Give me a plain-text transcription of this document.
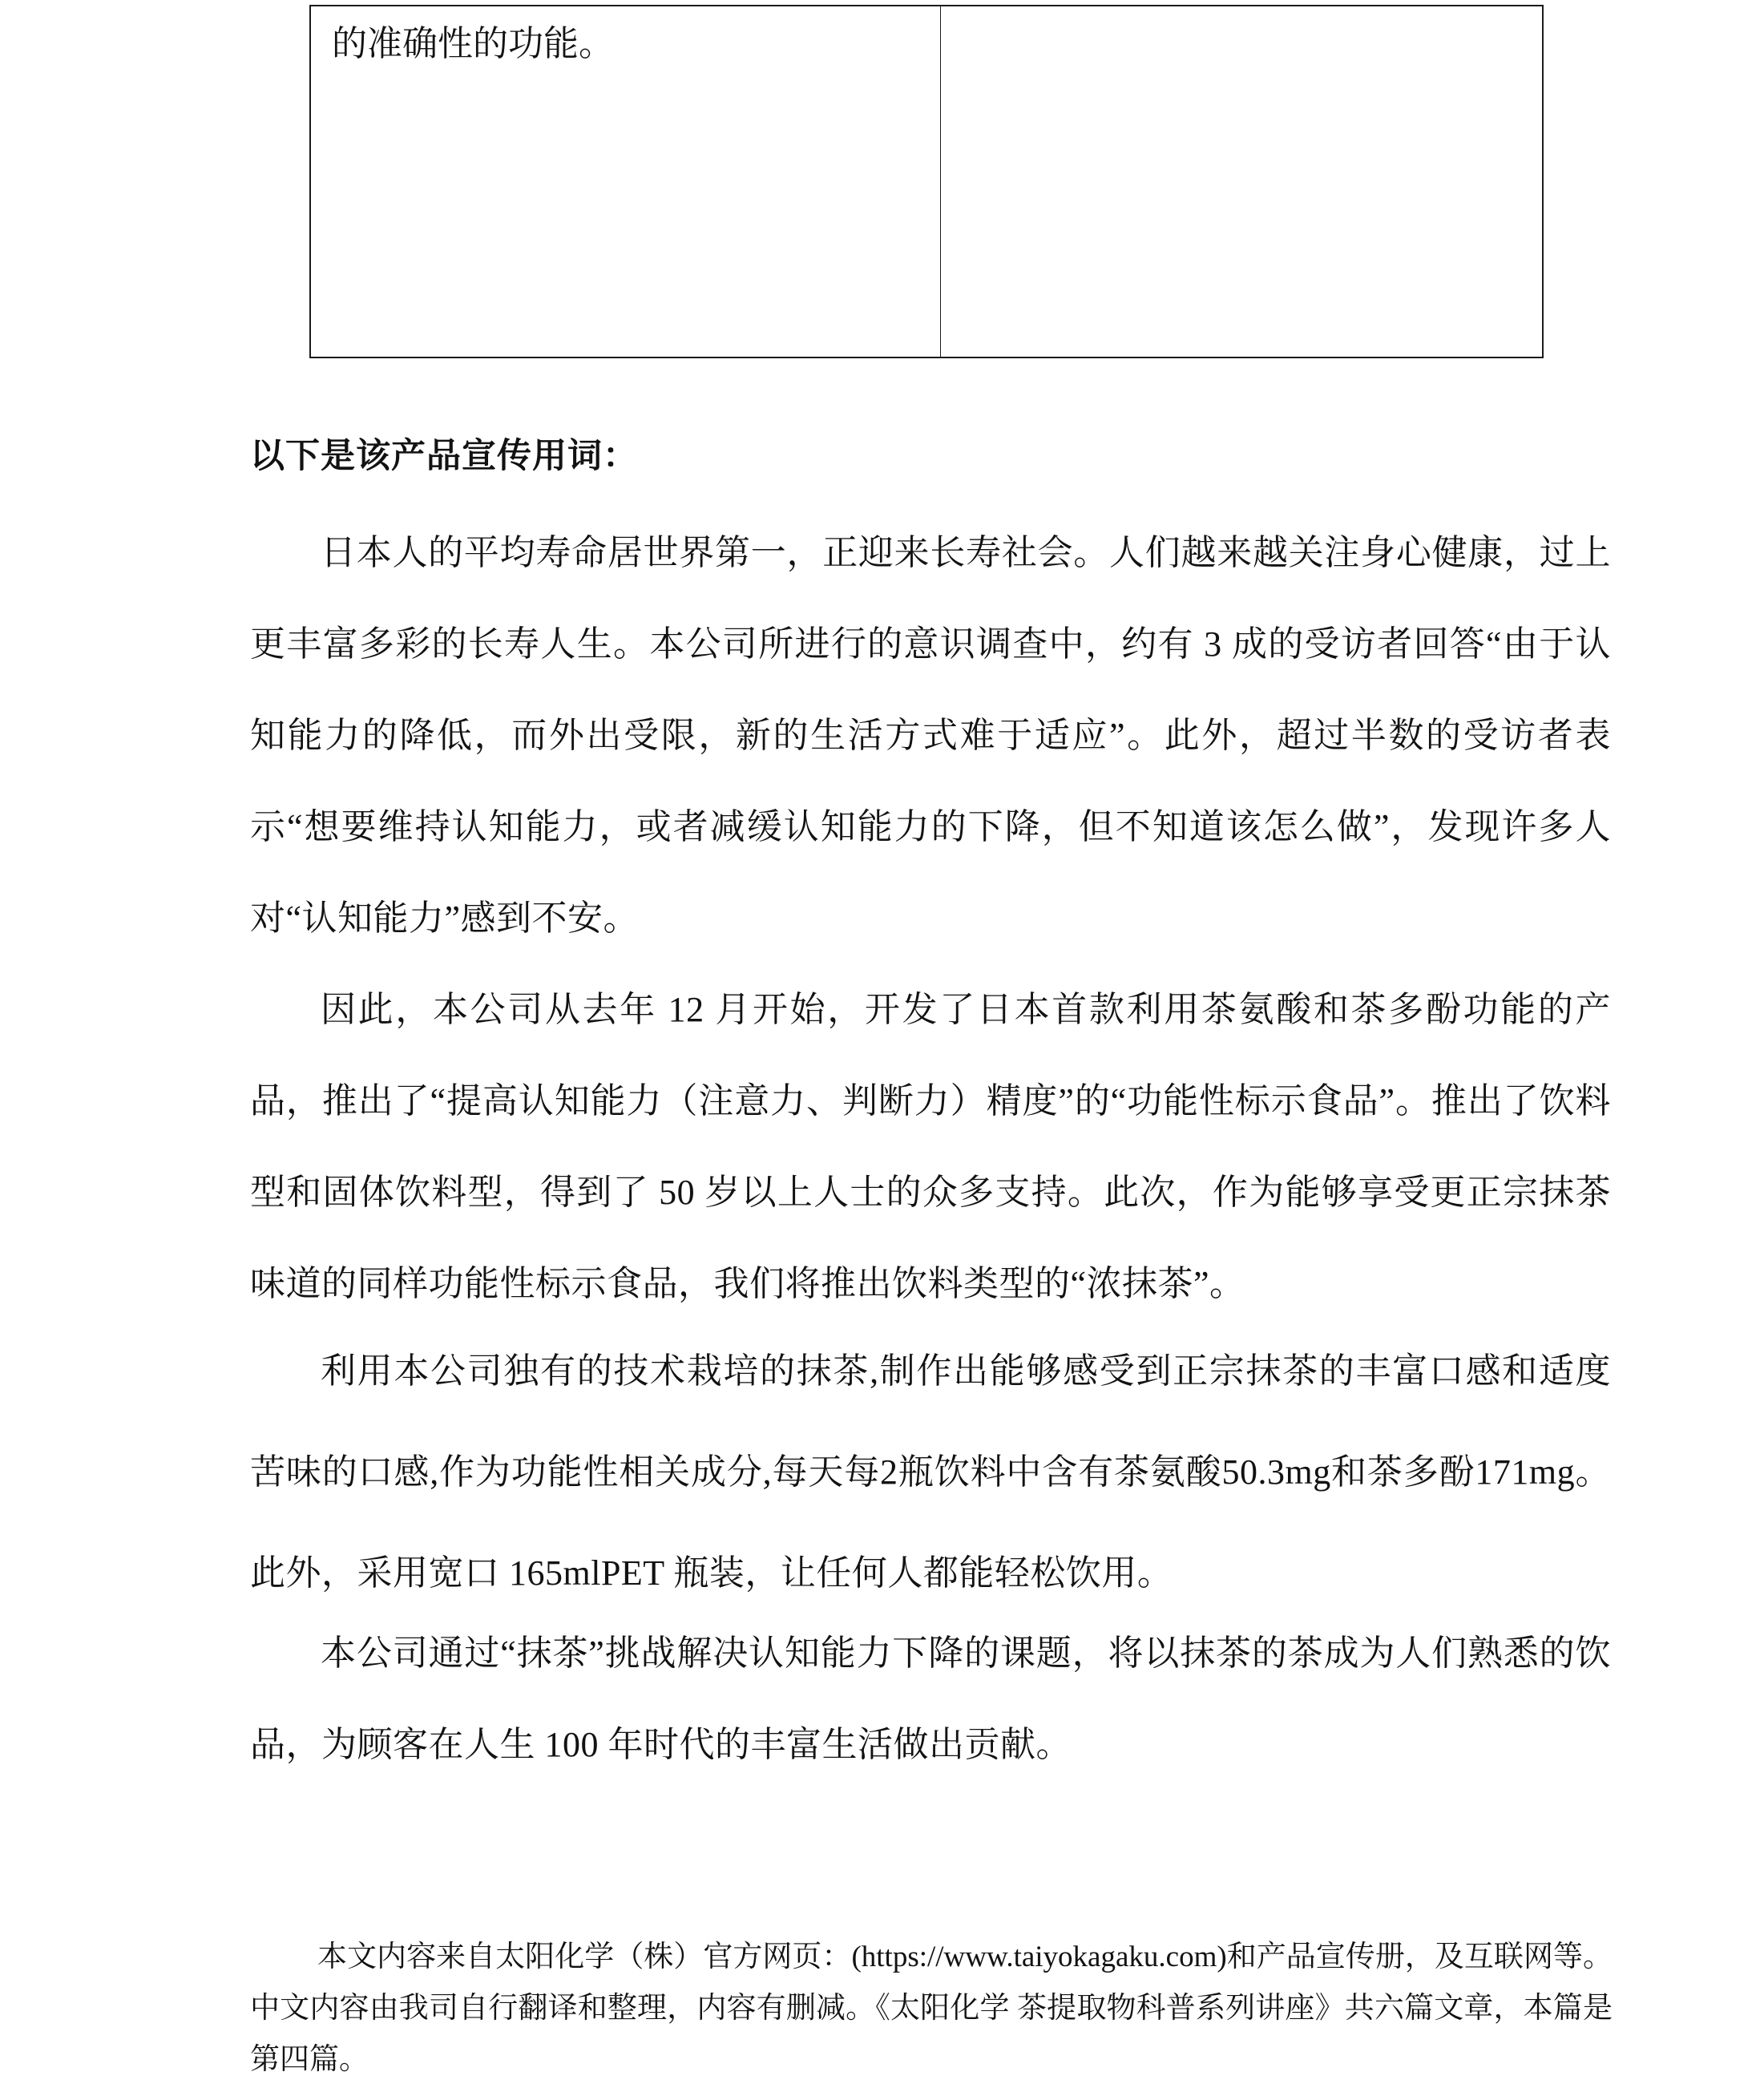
的准确性的功能。
以下是该产品宣传用词：

日本人的平均寿命居世界第一，正迎来长寿社会。人们越来越关注身心健康，过上更丰富多彩的长寿人生。本公司所进行的意识调查中，约有 3 成的受访者回答“由于认知能力的降低，而外出受限，新的生活方式难于适应”。此外，超过半数的受访者表示“想要维持认知能力，或者减缓认知能力的下降，但不知道该怎么做”，发现许多人对“认知能力”感到不安。

因此，本公司从去年 12 月开始，开发了日本首款利用茶氨酸和茶多酚功能的产品，推出了“提高认知能力（注意力、判断力）精度”的“功能性标示食品”。推出了饮料型和固体饮料型，得到了 50 岁以上人士的众多支持。此次，作为能够享受更正宗抹茶味道的同样功能性标示食品，我们将推出饮料类型的“浓抹茶”。

利用本公司独有的技术栽培的抹茶,制作出能够感受到正宗抹茶的丰富口感和适度苦味的口感,作为功能性相关成分,每天每2瓶饮料中含有茶氨酸50.3mg和茶多酚171mg。此外，采用宽口 165mlPET 瓶装，让任何人都能轻松饮用。

本公司通过“抹茶”挑战解决认知能力下降的课题，将以抹茶的茶成为人们熟悉的饮品，为顾客在人生 100 年时代的丰富生活做出贡献。

本文内容来自太阳化学（株）官方网页：(https://www.taiyokagaku.com)和产品宣传册，及互联网等。中文内容由我司自行翻译和整理，内容有删减。《太阳化学 茶提取物科普系列讲座》共六篇文章，本篇是第四篇。
